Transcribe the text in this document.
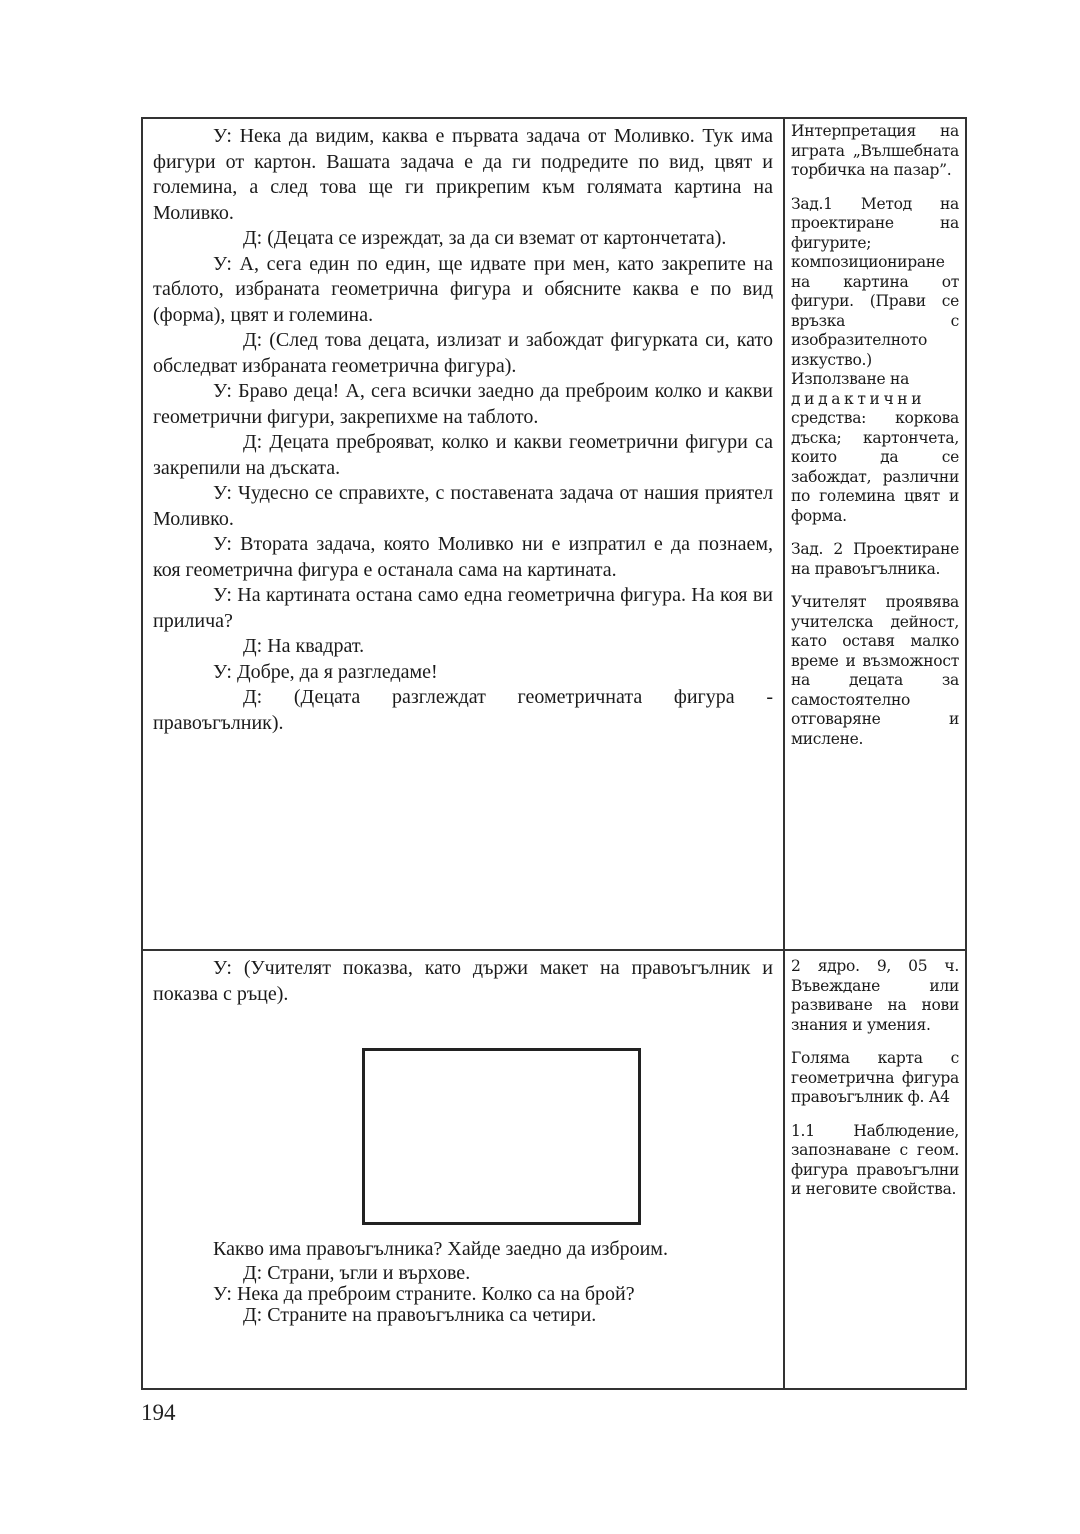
У: Нека да видим, каква е първата задача от Моливко. Тук има фигури от картон. Вашата задача е да ги подредите по вид, цвят и големина, а след това ще ги прикрепим към голямата картина на Моливко.

Д: (Децата се изреждат, за да си вземат от картончетата).

У: А, сега един по един, ще идвате при мен, като закрепите на таблото, избраната геометрична фигура и обясните каква е по вид (форма), цвят и големина.

Д: (След това децата, излизат и забождат фигурката си, като обследват избраната геометрична фигура).

У: Браво деца! А, сега всички заедно да преброим колко и какви геометрични фигури, закрепихме на таблото.

Д: Децата преброяват, колко и какви геометрични фигури са закрепили на дъската.

У: Чудесно се справихте, с поставената задача от нашия приятел Моливко.

У: Втората задача, която Моливко ни е изпратил е да познаем, коя геометрична фигура е останала сама на картината.

У: На картината остана само една геометрична фигура. На коя ви прилича?

Д: На квадрат.

У: Добре, да я разгледаме!

Д: (Децата разглеждат геометричната фигура - правоъгълник).

Интерпретация на играта „Вълшебната торбичка на пазар”.

Зад.1 Метод на проектиране на фигурите; композициониране на картина от фигури. (Прави се връзка с изобразителното изкуство.)

Използване на

дидактични

средства: коркова дъска; картончета, които да се забождат, различни по големина цвят и форма.

Зад. 2 Проектиране на правоъгълника.

Учителят проявява учителска дейност, като оставя малко време и възможност на децата за самостоятелно отговаряне и мислене.

У: (Учителят показва, като държи макет на правоъгълник и показва с ръце).

Какво има правоъгълника? Хайде заедно да изброим.

Д: Страни, ъгли и върхове.

У: Нека да преброим страните. Колко са на брой?

Д: Страните на правоъгълника са четири.

2 ядро. 9, 05 ч. Въвеждане или развиване на нови знания и умения.

Голяма карта с геометрична фигура правоъгълник ф. А4

1.1 Наблюдение, запознаване с геом. фигура правоъгълни и неговите свойства.

194
